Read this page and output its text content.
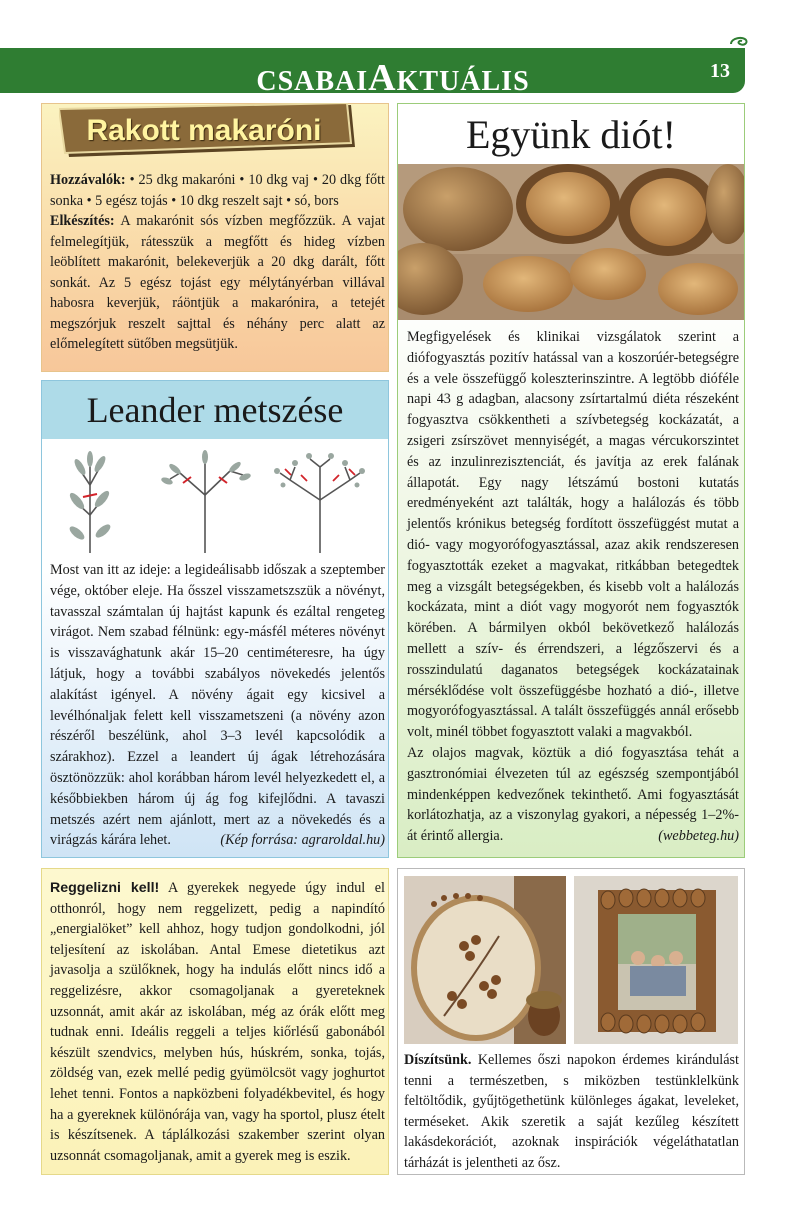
CSABAIAKTUÁLIS	13
Rakott makaróni
Hozzávalók: • 25 dkg makaróni • 10 dkg vaj • 20 dkg főtt sonka • 5 egész tojás • 10 dkg reszelt sajt • só, bors
Elkészítés: A makarónit sós vízben megfőzzük. A vajat felmelegítjük, rátesszük a megfőtt és hideg vízben leöblített makarónit, belekeverjük a 20 dkg darált, főtt sonkát. Az 5 egész tojást egy mélytányérban villával habosra keverjük, ráöntjük a makarónira, a tetejét megszórjuk reszelt sajttal és néhány perc alatt az előmelegített sütőben megsütjük.
Leander metszése
Most van itt az ideje: a legideálisabb időszak a szeptember vége, október eleje. Ha ősszel visszametszszük a növényt, tavasszal számtalan új hajtást kapunk és ezáltal rengeteg virágot. Nem szabad félnünk: egy-másfél méteres növényt is visszavághatunk akár 15–20 centiméteresre, ha úgy látjuk, hogy a további szabályos növekedés jelentős alakítást igényel. A növény ágait egy kicsivel a levélhónaljak felett kell visszametszeni (a növény azon részéről beszélünk, ahol 3–3 levél kapcsolódik a szárakhoz). Ezzel a leandert új ágak létrehozására ösztönözzük: ahol korábban három levél helyezkedett el, a későbbiekben három új ág fog kifejlődni. A tavaszi metszés azért nem ajánlott, mert az a növekedés és a virágzás kárára lehet.	(Kép forrása: agraroldal.hu)
Együnk diót!

Megfigyelések és klinikai vizsgálatok szerint a diófogyasztás pozitív hatással van a koszorúér-betegségre és a vele összefüggő koleszterinszintre. A legtöbb dióféle napi 43 g adagban, alacsony zsírtartalmú diéta részeként fogyasztva csökkentheti a szívbetegség kockázatát, a zsigeri zsírszövet mennyiségét, a magas vércukorszintet és az inzulinrezisztenciát, és javítja az erek falának állapotát. Egy nagy létszámú bostoni kutatás eredményeként azt találták, hogy a halálozás és több jelentős krónikus betegség fordított összefüggést mutat a dió- vagy mogyorófogyasztással, azaz akik rendszeresen fogyasztották ezeket a magvakat, ritkábban betegedtek meg a vizsgált betegségekben, és kisebb volt a halálozás kockázata, mint a diót vagy mogyorót nem fogyasztók körében. A bármilyen okból bekövetkező halálozás mellett a szív- és érrendszeri, a légzőszervi és a rosszindulatú daganatos betegségek kockázatainak mérséklődése volt összefüggésbe hozható a dió-, illetve mogyorófogyasztással. A talált összefüggés annál erősebb volt, minél többet fogyasztott valaki a magvakból.

Az olajos magvak, köztük a dió fogyasztása tehát a gasztronómiai élvezeten túl az egészség szempontjából mindenképpen kedvezőnek tekinthető. Ami fogyasztását korlátozhatja, az a viszonylag gyakori, a népesség 1–2%-át érintő allergia.	(webbeteg.hu)

Reggelizni kell! A gyerekek negyede úgy indul el otthonról, hogy nem reggelizett, pedig a napindító „energialöket” kell ahhoz, hogy tudjon gondolkodni, jól teljesítení az iskolában. Antal Emese dietetikus azt javasolja a szülőknek, hogy ha indulás előtt nincs idő a reggelizésre, akkor csomagoljanak a gyereteknek uzsonnát, amit akár az iskolában, még az órák előtt meg tudnak enni. Ideális reggeli a teljes kiőrlésű gabonából készült szendvics, melyben hús, húskrém, sonka, tojás, zöldség van, ezek mellé pedig gyümölcsöt vagy joghurtot lehet tenni. Fontos a napközbeni folyadékbevitel, és hogy ha a gyereknek különórája van, vagy ha sportol, plusz ételt is készítsenek. A táplálkozási szakember szerint olyan uzsonnát csomagoljanak, amit a gyerek meg is eszik.
Díszítsünk. Kellemes őszi napokon érdemes kirándulást tenni a természetben, s miközben testünklelkünk feltöltődik, gyűjtögethetünk különleges ágakat, leveleket, terméseket. Akik szeretik a saját kezűleg készített lakásdekorációt, azoknak inspirációk végeláthatatlan tárházát is jelentheti az ősz.
